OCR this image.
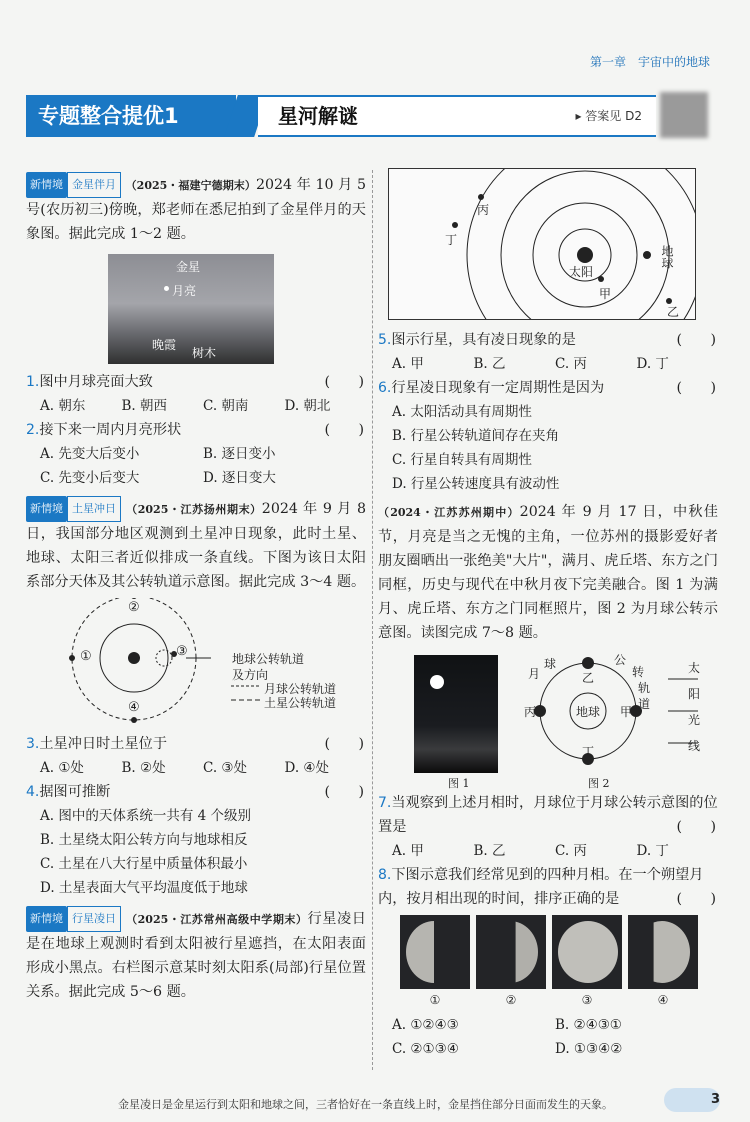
第一章　宇宙中的地球
专题整合提优1	星河解谜	▸ 答案见 D2

新情境 金星伴月 （2025・福建宁德期末）2024 年 10 月 5 号(农历初三)傍晚，郑老师在悉尼拍到了金星伴月的天象图。据此完成 1～2 题。

金星
月亮
晚霞
树木
1.图中月球亮面大致	(　　)
A. 朝东	B. 朝西	C. 朝南	D. 朝北
2.接下来一周内月亮形状	(　　)
A. 先变大后变小	B. 逐日变小
C. 先变小后变大	D. 逐日变大

新情境 土星冲日 （2025・江苏扬州期末）2024 年 9 月 8 日，我国部分地区观测到土星冲日现象，此时土星、地球、太阳三者近似排成一条直线。下图为该日太阳系部分天体及其公转轨道示意图。据此完成 3～4 题。

①
②
③
④
地球公转轨道
及方向
月球公转轨道
土星公转轨道
3.土星冲日时土星位于	(　　)
A. ①处	B. ②处	C. ③处	D. ④处
4.据图可推断	(　　)
A. 图中的天体系统一共有 4 个级别
B. 土星绕太阳公转方向与地球相反
C. 土星在八大行星中质量体积最小
D. 土星表面大气平均温度低于地球

新情境 行星凌日 （2025・江苏常州高级中学期末）行星凌日是在地球上观测时看到太阳被行星遮挡，在太阳表面形成小黑点。右栏图示意某时刻太阳系(局部)行星位置关系。据此完成 5～6 题。

太阳
地球
甲
乙
丙
丁
5.图示行星，具有凌日现象的是	(　　)
A. 甲	B. 乙	C. 丙	D. 丁
6.行星凌日现象有一定周期性是因为	(　　)
A. 太阳活动具有周期性
B. 行星公转轨道间存在夹角
C. 行星自转具有周期性
D. 行星公转速度具有波动性

（2024・江苏苏州期中）2024 年 9 月 17 日，中秋佳节，月亮是当之无愧的主角，一位苏州的摄影爱好者朋友圈晒出一张绝美"大片"，满月、虎丘塔、东方之门同框，历史与现代在中秋月夜下完美融合。图 1 为满月、虎丘塔、东方之门同框照片，图 2 为月球公转示意图。读图完成 7～8 题。

图 1
地球 甲
乙
丙
丁
月
球	公
转
轨
道
太
阳
光
线
图 2
7.当观察到上述月相时，月球位于月球公转示意图的位置是	(　　)
A. 甲	B. 乙	C. 丙	D. 丁
8.下图示意我们经常见到的四种月相。在一个朔望月内，按月相出现的时间，排序正确的是	(　　)
①	②	③	④
A. ①②④③	B. ②④③①
C. ②①③④	D. ①③④②
金星凌日是金星运行到太阳和地球之间，三者恰好在一条直线上时，金星挡住部分日面而发生的天象。	3
